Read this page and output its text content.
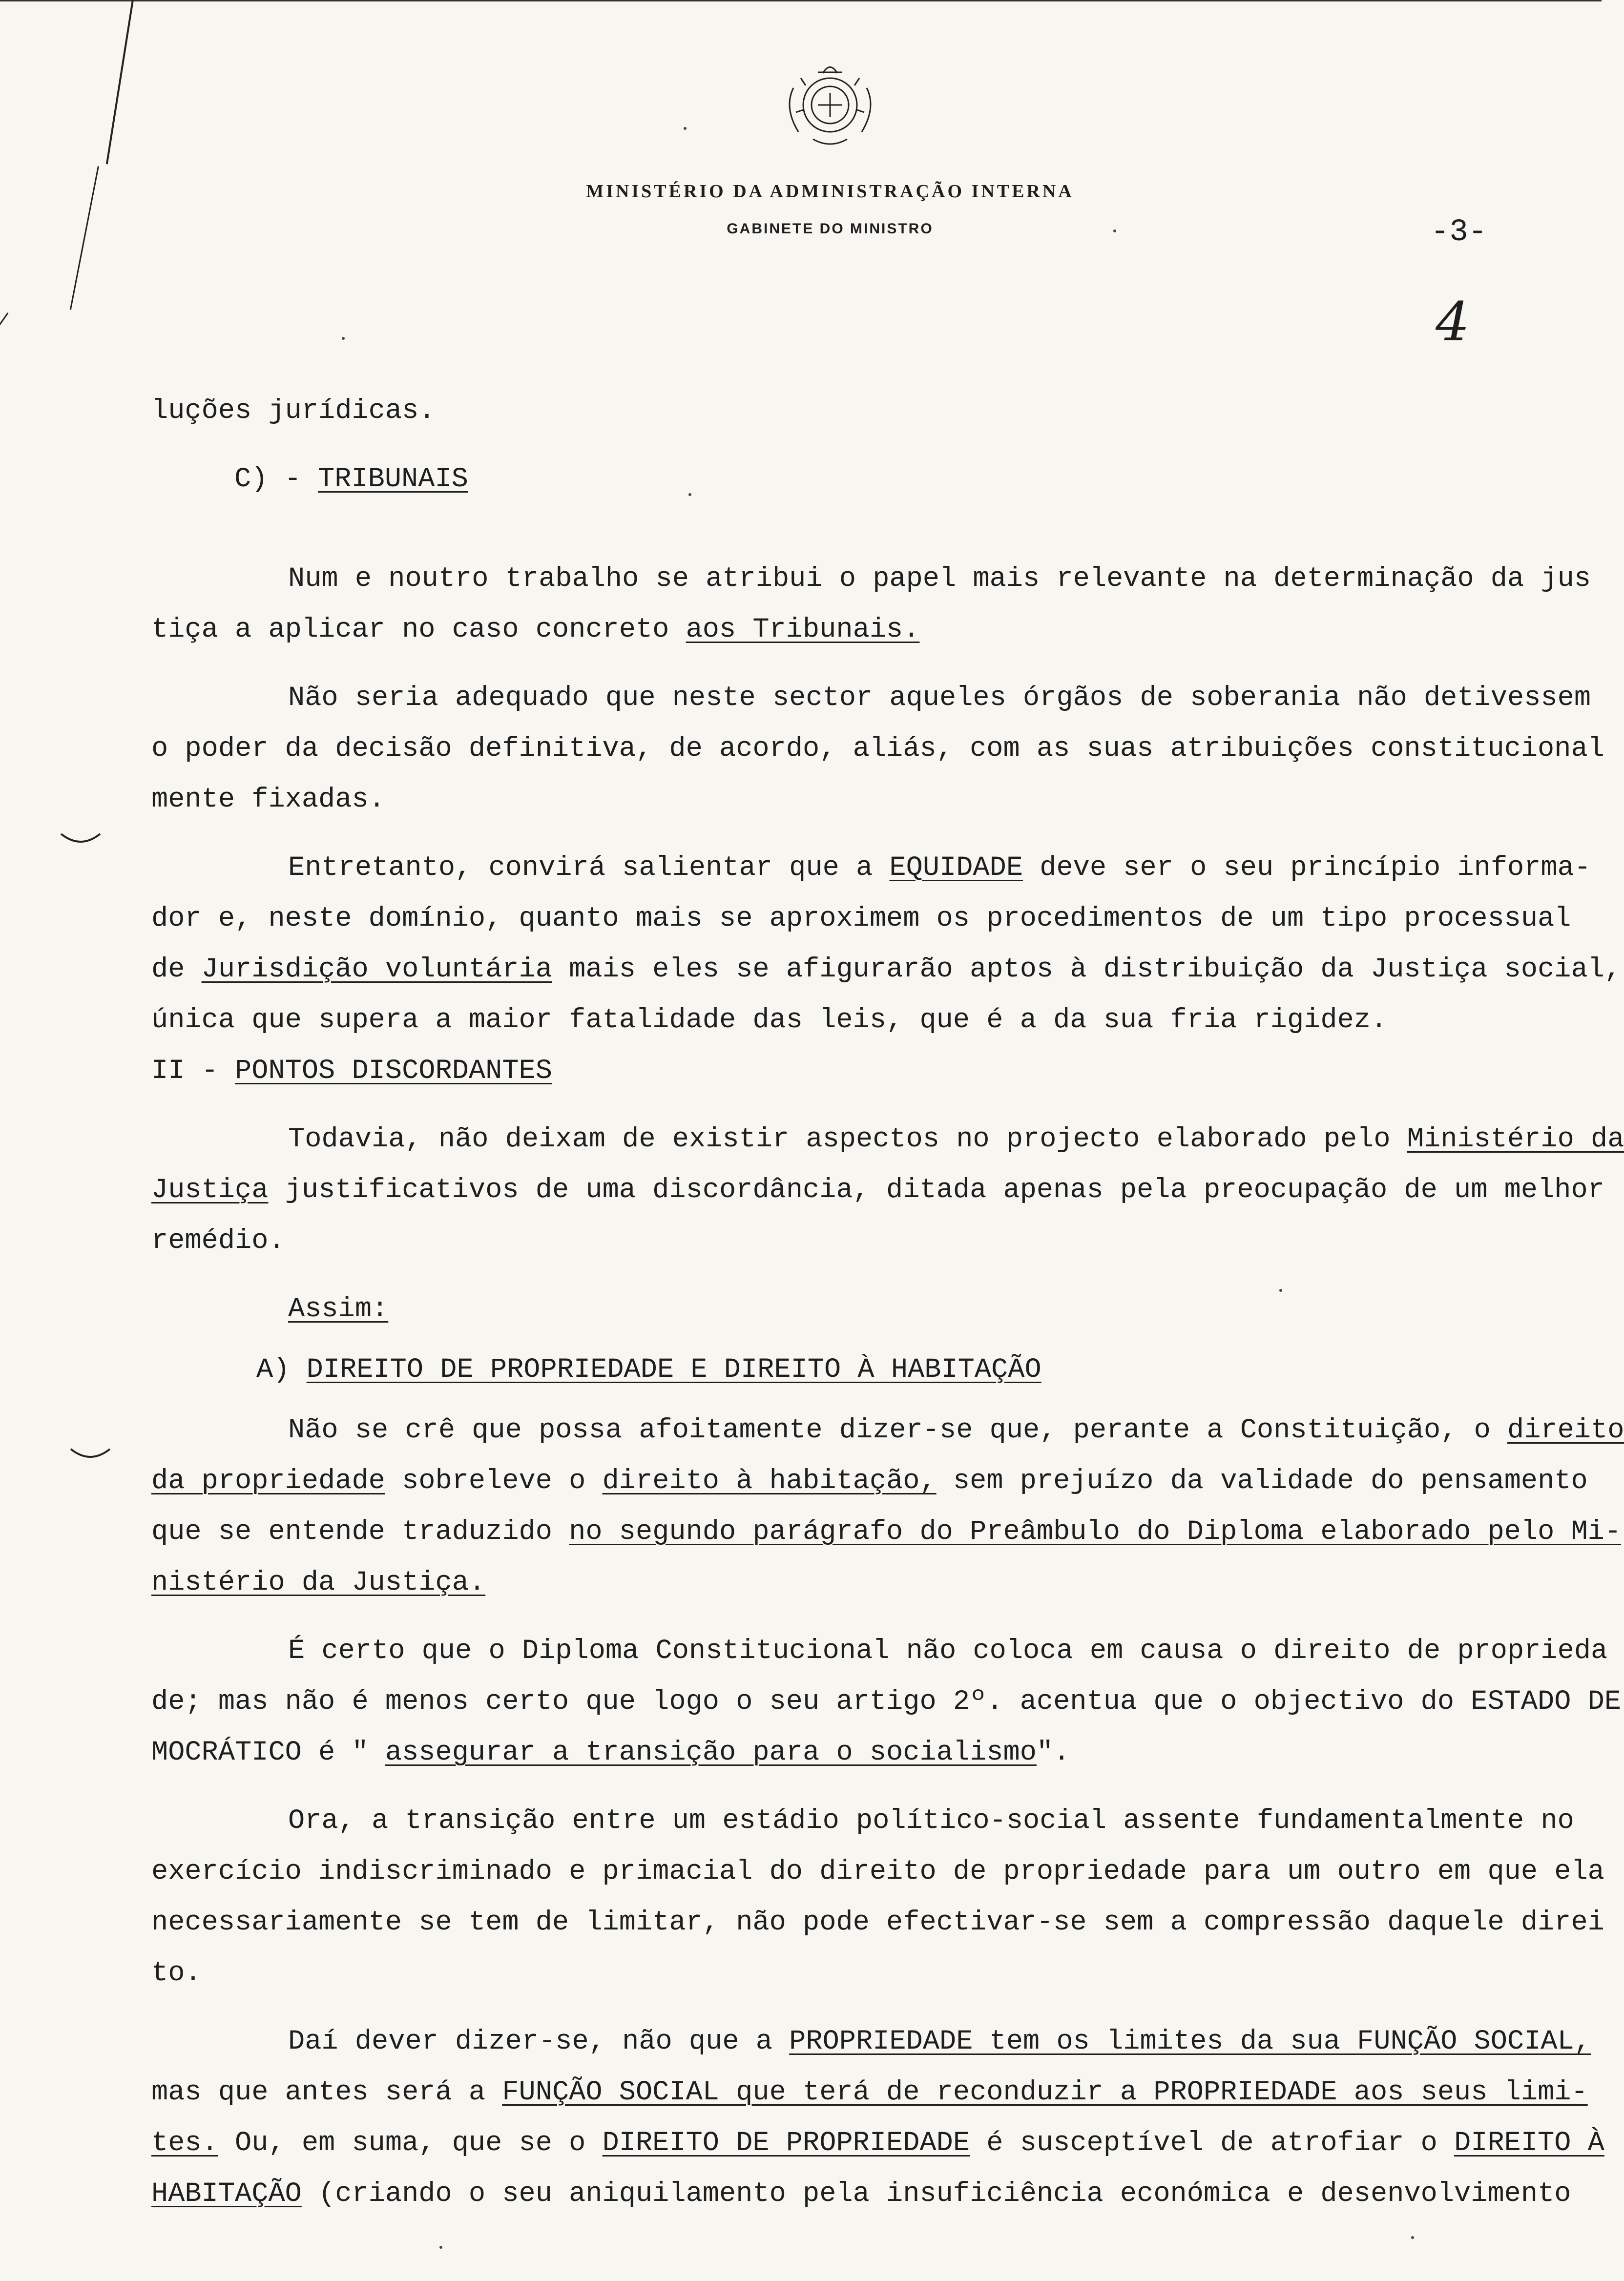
MINISTÉRIO DA ADMINISTRAÇÃO INTERNA

GABINETE DO MINISTRO	-3-
4
luções jurídicas.
C) - TRIBUNAIS
Num e noutro trabalho se atribui o papel mais relevante na determinação da jus
tiça a aplicar no caso concreto aos Tribunais.
Não seria adequado que neste sector aqueles órgãos de soberania não detivessem
o poder da decisão definitiva, de acordo, aliás, com as suas atribuições constitucional
mente fixadas.
Entretanto, convirá salientar que a EQUIDADE deve ser o seu princípio informa-
dor e, neste domínio, quanto mais se aproximem os procedimentos de um tipo processual
de Jurisdição voluntária mais eles se afigurarão aptos à distribuição da Justiça social,
única que supera a maior fatalidade das leis, que é a da sua fria rigidez.
II - PONTOS DISCORDANTES
Todavia, não deixam de existir aspectos no projecto elaborado pelo Ministério da
Justiça justificativos de uma discordância, ditada apenas pela preocupação de um melhor
remédio.
Assim:
A) DIREITO DE PROPRIEDADE E DIREITO À HABITAÇÃO
Não se crê que possa afoitamente dizer-se que, perante a Constituição, o direito
da propriedade sobreleve o direito à habitação, sem prejuízo da validade do pensamento
que se entende traduzido no segundo parágrafo do Preâmbulo do Diploma elaborado pelo Mi-
nistério da Justiça.
É certo que o Diploma Constitucional não coloca em causa o direito de proprieda
de; mas não é menos certo que logo o seu artigo 2º. acentua que o objectivo do ESTADO DE
MOCRÁTICO é " assegurar a transição para o socialismo".
Ora, a transição entre um estádio político-social assente fundamentalmente no
exercício indiscriminado e primacial do direito de propriedade para um outro em que ela
necessariamente se tem de limitar, não pode efectivar-se sem a compressão daquele direi
to.
Daí dever dizer-se, não que a PROPRIEDADE tem os limites da sua FUNÇÃO SOCIAL,
mas que antes será a FUNÇÃO SOCIAL que terá de reconduzir a PROPRIEDADE aos seus limi-
tes. Ou, em suma, que se o DIREITO DE PROPRIEDADE é susceptível de atrofiar o DIREITO À
HABITAÇÃO (criando o seu aniquilamento pela insuficiência económica e desenvolvimento
